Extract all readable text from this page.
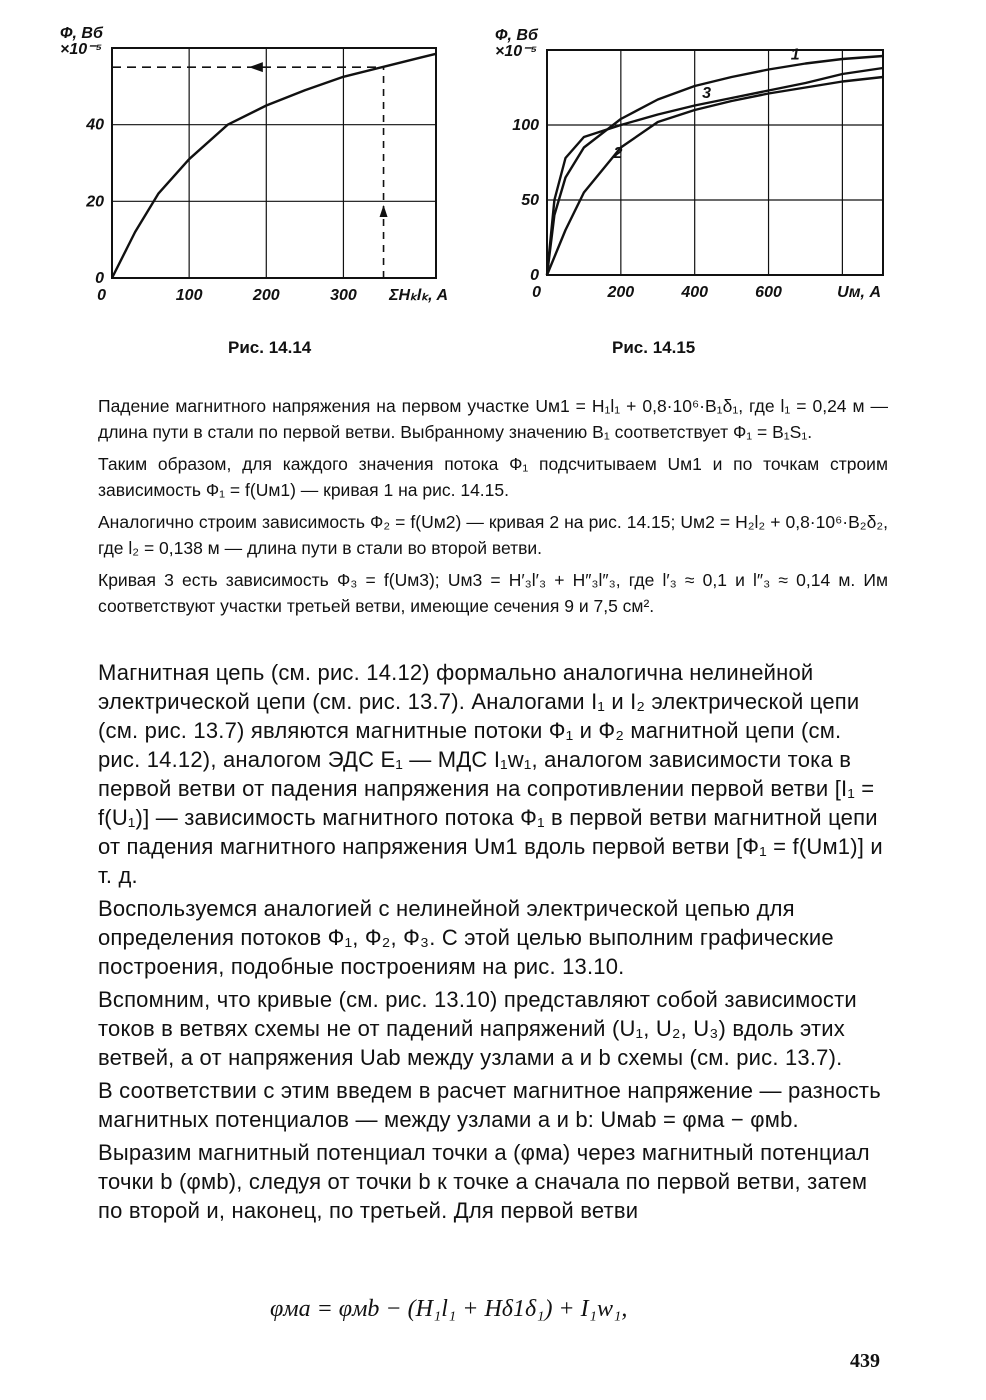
0
20
40
100	200	300
0
Ф, Вб
×10⁻⁵
ΣHₖlₖ, A
Рис. 14.14
0
50
100
200	400	600
0
Ф, Вб
×10⁻⁵
Uм, A
1
2
3
Рис. 14.15

Падение магнитного напряжения на первом участке Uм1 = H₁l₁ + 0,8·10⁶·B₁δ₁, где l₁ = 0,24 м — длина пути в стали по первой ветви. Выбранному значению B₁ соответствует Ф₁ = B₁S₁.

Таким образом, для каждого значения потока Ф₁ подсчитываем Uм1 и по точкам строим зависимость Ф₁ = f(Uм1) — кривая 1 на рис. 14.15.

Аналогично строим зависимость Ф₂ = f(Uм2) — кривая 2 на рис. 14.15; Uм2 = H₂l₂ + 0,8·10⁶·B₂δ₂, где l₂ = 0,138 м — длина пути в стали во второй ветви.

Кривая 3 есть зависимость Ф₃ = f(Uм3); Uм3 = H′₃l′₃ + H″₃l″₃, где l′₃ ≈ 0,1 и l″₃ ≈ 0,14 м. Им соответствуют участки третьей ветви, имеющие сечения 9 и 7,5 см².

Магнитная цепь (см. рис. 14.12) формально аналогична нелинейной электрической цепи (см. рис. 13.7). Аналогами I₁ и I₂ электрической цепи (см. рис. 13.7) являются магнитные потоки Ф₁ и Ф₂ магнитной цепи (см. рис. 14.12), аналогом ЭДС E₁ — МДС I₁w₁, аналогом зависимости тока в первой ветви от падения напряжения на сопротивлении первой ветви [I₁ = f(U₁)] — зависимость магнитного потока Ф₁ в первой ветви магнитной цепи от падения магнитного напряжения Uм1 вдоль первой ветви [Ф₁ = f(Uм1)] и т. д.

Воспользуемся аналогией с нелинейной электрической цепью для определения потоков Ф₁, Ф₂, Ф₃. С этой целью выполним графические построения, подобные построениям на рис. 13.10.

Вспомним, что кривые (см. рис. 13.10) представляют собой зависимости токов в ветвях схемы не от падений напряжений (U₁, U₂, U₃) вдоль этих ветвей, а от напряжения Uab между узлами a и b схемы (см. рис. 13.7).

В соответствии с этим введем в расчет магнитное напряжение — разность магнитных потенциалов — между узлами a и b: Uмab = φма − φмb.

Выразим магнитный потенциал точки a (φма) через магнитный потенциал точки b (φмb), следуя от точки b к точке a сначала по первой ветви, затем по второй и, наконец, по третьей. Для первой ветви

φма = φмb − (H₁l₁ + Hδ1δ₁) + I₁w₁,
439
